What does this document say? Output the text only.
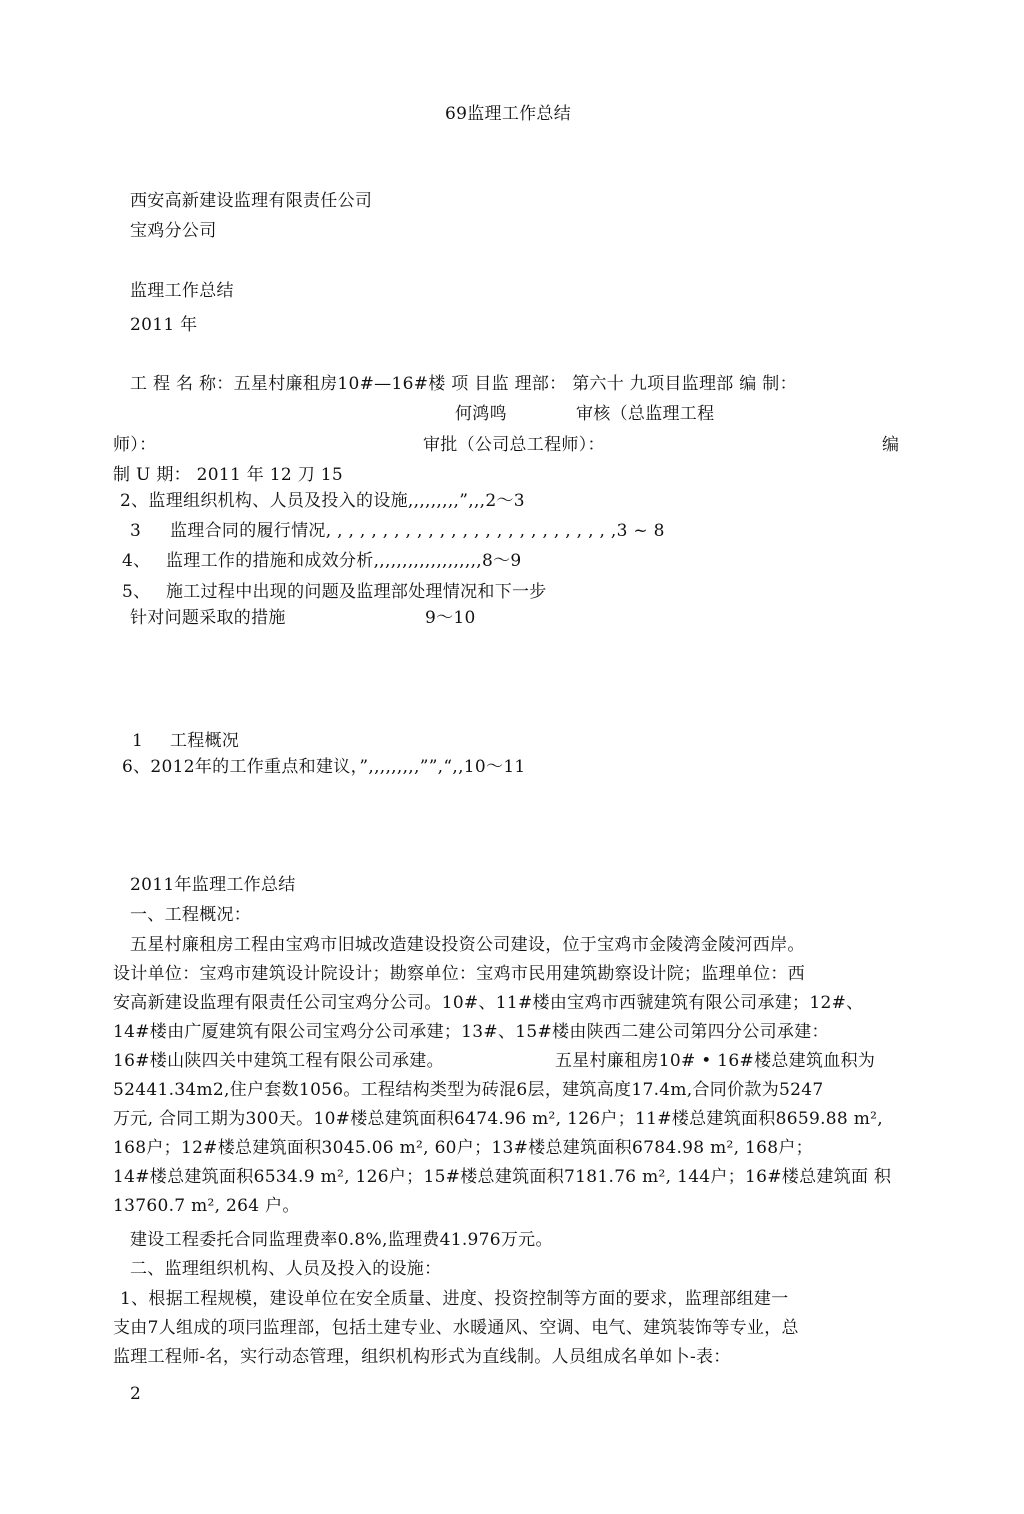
69监理工作总结
西安高新建设监理有限责任公司
宝鸡分公司
监理工作总结
2011 年
工 程 名 称：五星村廉租房10#—16#楼 项 目监 理部： 第六十 九项目监理部 编 制：
何鸿鸣	审核（总监理工程
师）：	审批（公司总工程师）：	编
制 U 期： 2011 年 12 刀 15
2、监理组织机构、人员及投入的设施,,,,,,,,,”,,,2〜3
3 监理合同的履行情况, , , , , , , , , , , , , , , , , , , , , , , , , ,3 ~ 8
4、 监理工作的措施和成效分析,,,,,,,,,,,,,,,,,,,8〜9
5、 施工过程中出现的问题及监理部处理情况和下一步
针对问题采取的措施	9〜10
1 工程概况
6、2012年的工作重点和建议，”,,,,,,,,,””,“,,10〜11
2011年监理工作总结
一、工程概况：
五星村廉租房工程由宝鸡市旧城改造建设投资公司建设，位于宝鸡市金陵湾金陵河西岸。
设计单位：宝鸡市建筑设计院设计；勘察单位：宝鸡市民用建筑勘察设计院；监理单位：西
安高新建设监理有限责任公司宝鸡分公司。10#、11#楼由宝鸡市西虢建筑有限公司承建；12#、
14#楼由广厦建筑有限公司宝鸡分公司承建；13#、15#楼由陕西二建公司第四分公司承建：
16#楼山陕四关中建筑工程有限公司承建。	五星村廉租房10# • 16#楼总建筑血积为
52441.34m2,住户套数1056。工程结构类型为砖混6层，建筑高度17.4m,合同价款为5247
万元, 合同工期为300天。10#楼总建筑面积6474.96 m², 126户；11#楼总建筑面积8659.88 m²,
168户；12#楼总建筑面积3045.06 m², 60户；13#楼总建筑面积6784.98 m², 168户；
14#楼总建筑面积6534.9 m², 126户；15#楼总建筑面积7181.76 m², 144户；16#楼总建筑面 积
13760.7 m², 264 户。
建设工程委托合同监理费率0.8%,监理费41.976万元。
二、监理组织机构、人员及投入的设施：
1、根据工程规模，建设单位在安全质量、进度、投资控制等方面的要求，监理部组建一
支由7人组成的项冃监理部，包括土建专业、水暖通风、空调、电气、建筑装饰等专业，总
监理工程师-名，实行动态管理，组织机构形式为直线制。人员组成名单如卜-表：
2
